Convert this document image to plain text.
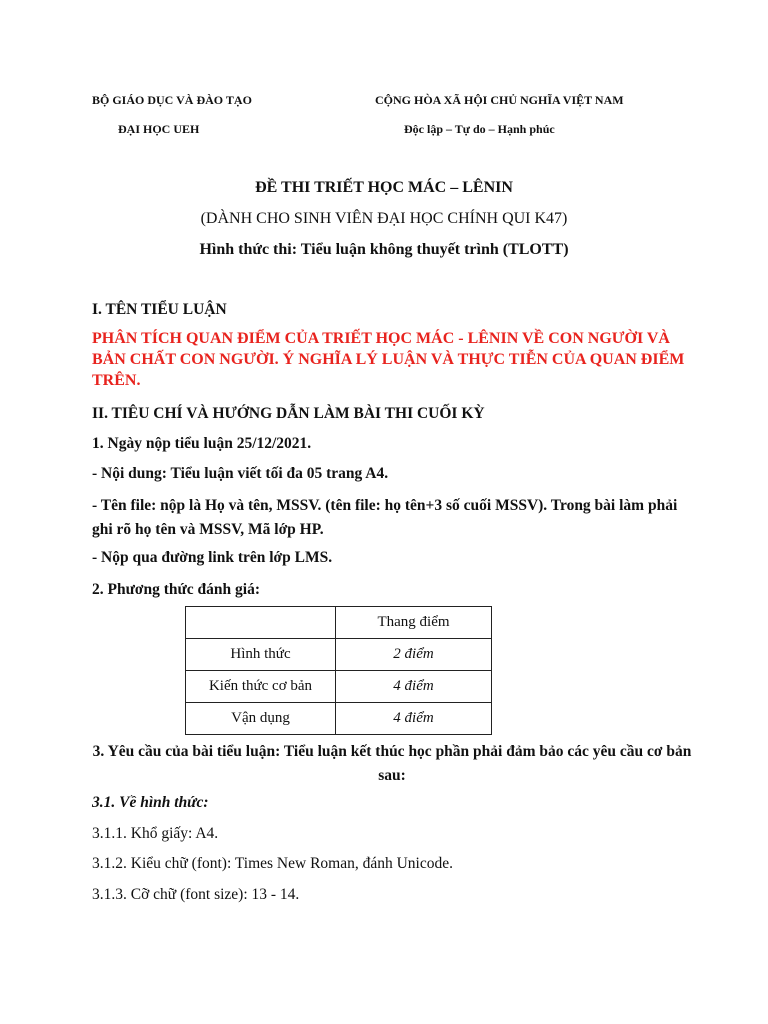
BỘ GIÁO DỤC VÀ ĐÀO TẠO
ĐẠI HỌC UEH
CỘNG HÒA XÃ HỘI CHỦ NGHĨA VIỆT NAM
Độc lập – Tự do – Hạnh phúc
ĐỀ THI TRIẾT HỌC MÁC – LÊNIN
(DÀNH CHO SINH VIÊN ĐẠI HỌC CHÍNH QUI K47)
Hình thức thi: Tiểu luận không thuyết trình (TLOTT)
I. TÊN TIỂU LUẬN
PHÂN TÍCH QUAN ĐIỂM CỦA TRIẾT HỌC MÁC - LÊNIN VỀ CON NGƯỜI VÀ BẢN CHẤT CON NGƯỜI. Ý NGHĨA LÝ LUẬN VÀ THỰC TIỄN CỦA QUAN ĐIỂM TRÊN.
II. TIÊU CHÍ VÀ HƯỚNG DẪN LÀM BÀI THI CUỐI KỲ
1. Ngày nộp tiểu luận 25/12/2021.
- Nội dung: Tiểu luận viết tối đa 05 trang A4.
- Tên file: nộp là Họ và tên, MSSV. (tên file: họ tên+3 số cuối MSSV). Trong bài làm phải ghi rõ họ tên và MSSV, Mã lớp HP.
- Nộp qua đường link trên lớp LMS.
2. Phương thức đánh giá:
	Thang điểm
Hình thức	2 điểm
Kiến thức cơ bản	4 điểm
Vận dụng	4 điểm
3. Yêu cầu của bài tiểu luận: Tiểu luận kết thúc học phần phải đảm bảo các yêu cầu cơ bản sau:
3.1. Về hình thức:
3.1.1. Khổ giấy: A4.
3.1.2. Kiểu chữ (font): Times New Roman, đánh Unicode.
3.1.3. Cỡ chữ (font size): 13 - 14.
